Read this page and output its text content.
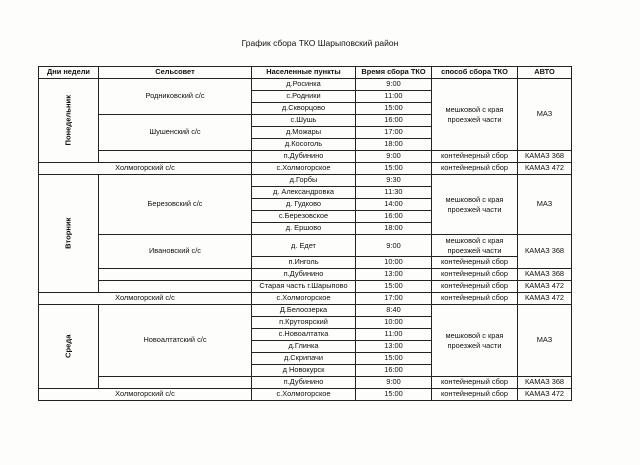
График сбора ТКО Шарыповский район
Дни недели	Сельсовет	Населенные пункты	Время сбора ТКО	способ сбора ТКО	АВТО

Понедельник	Родниковский с/с	д.Росинка	9:00	мешковой с края проезжей части	МАЗ
		с.Родники	11:00		
		д.Скворцово	15:00		
	Шушенский с/с	с.Шушь	16:00		
		д.Можары	17:00		
		д.Косоголь	18:00		
		п.Дубинино	9:00	контейнерный сбор	КАМАЗ 368
Холмогорский с/с		с.Холмогорское	15:00	контейнерный сбор	КАМАЗ 472

Вторник	Березовский с/с	д.Горбы	9:30	мешковой с края проезжей части	МАЗ
		д. Александровка	11:30		
		д. Гудково	14:00		
		с.Березовское	16:00		
		д. Ершово	18:00		
	Ивановский с/с	д. Едет	9:00	мешковой с края проезжей части	КАМАЗ 368
		п.Инголь	10:00	контейнерный сбор	
		п.Дубинино	13:00	контейнерный сбор	КАМАЗ 368
		Старая часть г.Шарыпово	15:00	контейнерный сбор	КАМАЗ 472
Холмогорский с/с		с.Холмогорское	17:00	контейнерный сбор	КАМАЗ 472

Среда	Новоалтатский с/с	Д.Белоозерка	8:40	мешковой с края проезжей части	МАЗ
		п.Крутоярский	10:00		
		с.Новоалтатка	11:00		
		д.Глинка	13:00		
		д.Скрипачи	15:00		
		д Новокурск	16:00		
		п.Дубинино	9:00	контейнерный сбор	КАМАЗ 368
Холмогорский с/с		с.Холмогорское	15:00	контейнерный сбор	КАМАЗ 472
